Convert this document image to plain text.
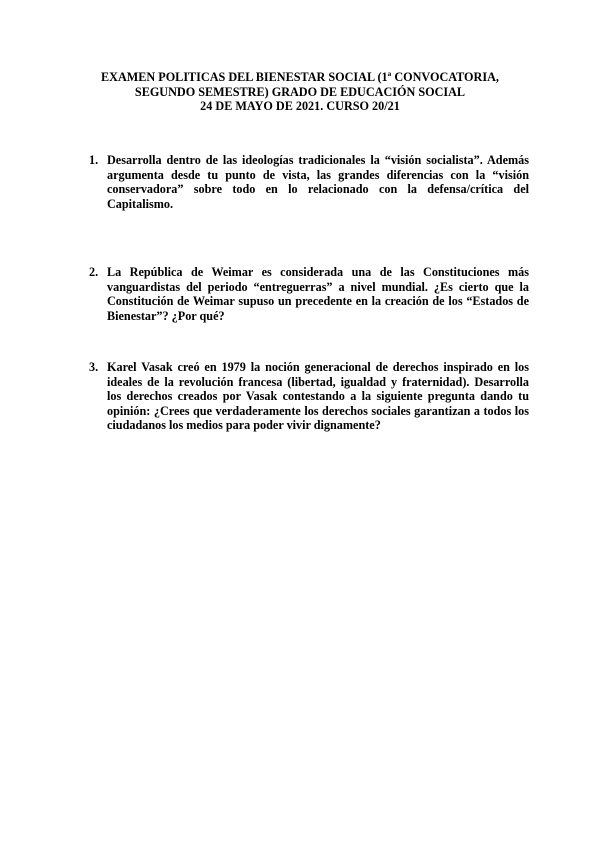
EXAMEN POLITICAS DEL BIENESTAR SOCIAL (1ª CONVOCATORIA,
SEGUNDO SEMESTRE) GRADO DE EDUCACIÓN SOCIAL
24 DE MAYO DE 2021. CURSO 20/21
1. Desarrolla dentro de las ideologías tradicionales la “visión socialista”. Además argumenta desde tu punto de vista, las grandes diferencias con la “visión conservadora” sobre todo en lo relacionado con la defensa/crítica del Capitalismo.
2. La República de Weimar es considerada una de las Constituciones más vanguardistas del periodo “entreguerras” a nivel mundial. ¿Es cierto que la Constitución de Weimar supuso un precedente en la creación de los “Estados de Bienestar”? ¿Por qué?
3. Karel Vasak creó en 1979 la noción generacional de derechos inspirado en los ideales de la revolución francesa (libertad, igualdad y fraternidad). Desarrolla los derechos creados por Vasak contestando a la siguiente pregunta dando tu opinión: ¿Crees que verdaderamente los derechos sociales garantizan a todos los ciudadanos los medios para poder vivir dignamente?
